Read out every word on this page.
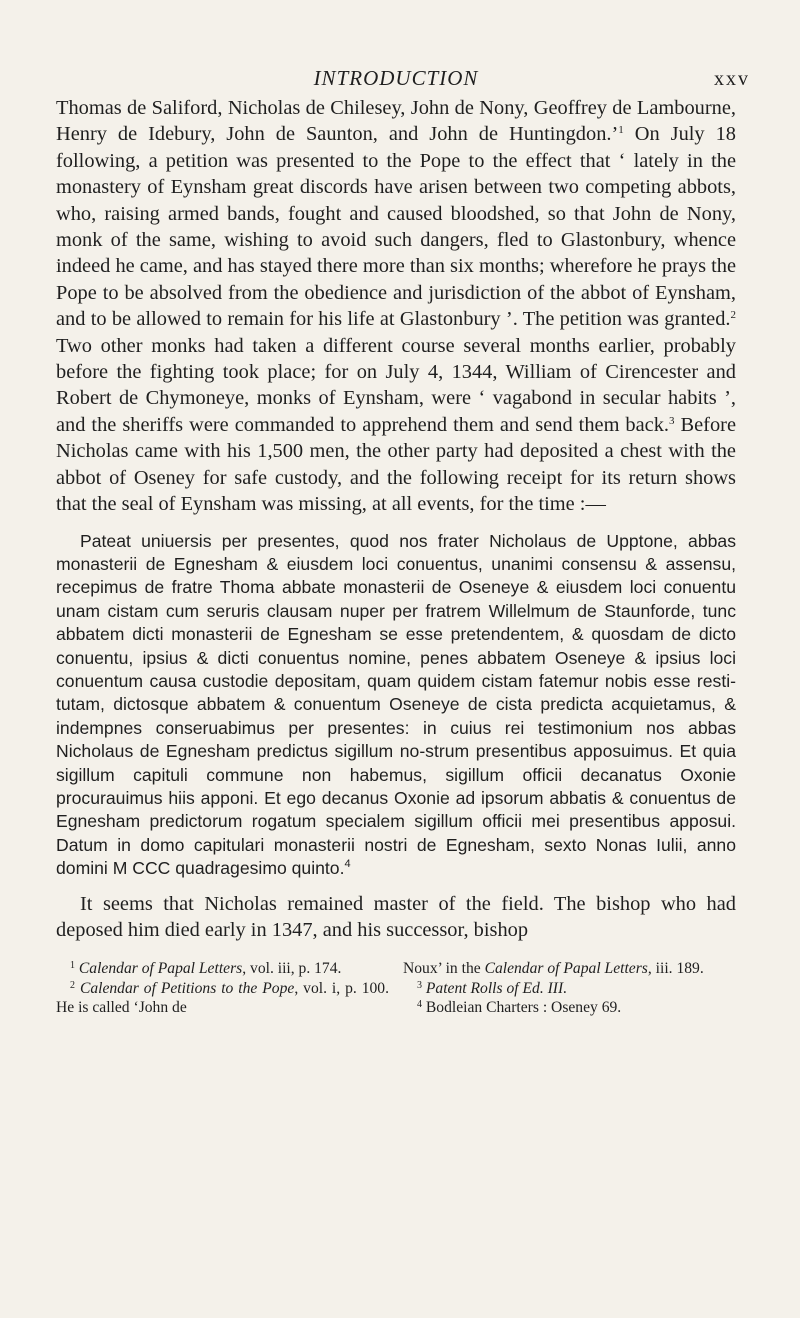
INTRODUCTION	xxv

Thomas de Saliford, Nicholas de Chilesey, John de Nony, Geoffrey de Lambourne, Henry de Idebury, John de Saunton, and John de Huntingdon.’$^1$ On July 18 following, a petition was presented to the Pope to the effect that ‘ lately in the monastery of Eynsham great discords have arisen between two competing abbots, who, raising armed bands, fought and caused bloodshed, so that John de Nony, monk of the same, wishing to avoid such dangers, fled to Glastonbury, whence indeed he came, and has stayed there more than six months; wherefore he prays the Pope to be absolved from the obedience and jurisdiction of the abbot of Eynsham, and to be allowed to remain for his life at Glastonbury ’. The petition was granted.$^2$ Two other monks had taken a different course several months earlier, probably before the fighting took place; for on July 4, 1344, William of Cirencester and Robert de Chymoneye, monks of Eynsham, were ‘ vagabond in secular habits ’, and the sheriffs were commanded to apprehend them and send them back.$^3$ Before Nicholas came with his 1,500 men, the other party had deposited a chest with the abbot of Oseney for safe custody, and the following receipt for its return shows that the seal of Eynsham was missing, at all events, for the time :—

Pateat uniuersis per presentes, quod nos frater Nicholaus de Upptone, abbas monasterii de Egnesham & eiusdem loci conuentus, unanimi consensu & assensu, recepimus de fratre Thoma abbate monasterii de Oseneye & eiusdem loci conuentu unam cistam cum seruris clausam nuper per fratrem Willelmum de Staunforde, tunc abbatem dicti monasterii de Egnesham se esse pretendentem, & quosdam de dicto conuentu, ipsius & dicti conuentus nomine, penes abbatem Oseneye & ipsius loci conuentum causa custodie depositam, quam quidem cistam fatemur nobis esse resti-tutam, dictosque abbatem & conuentum Oseneye de cista predicta acquietamus, & indempnes conseruabimus per presentes: in cuius rei testimonium nos abbas Nicholaus de Egnesham predictus sigillum no-strum presentibus apposuimus. Et quia sigillum capituli commune non habemus, sigillum officii decanatus Oxonie procurauimus hiis apponi. Et ego decanus Oxonie ad ipsorum abbatis & conuentus de Egnesham predictorum rogatum specialem sigillum officii mei presentibus apposui. Datum in domo capitulari monasterii nostri de Egnesham, sexto Nonas Iulii, anno domini M CCC quadragesimo quinto.$^4$

It seems that Nicholas remained master of the field. The bishop who had deposed him died early in 1347, and his successor, bishop

$^1$ Calendar of Papal Letters, vol. iii, p. 174.

$^2$ Calendar of Petitions to the Pope, vol. i, p. 100. He is called ‘John de

Noux’ in the Calendar of Papal Letters, iii. 189.

$^3$ Patent Rolls of Ed. III.

$^4$ Bodleian Charters : Oseney 69.
